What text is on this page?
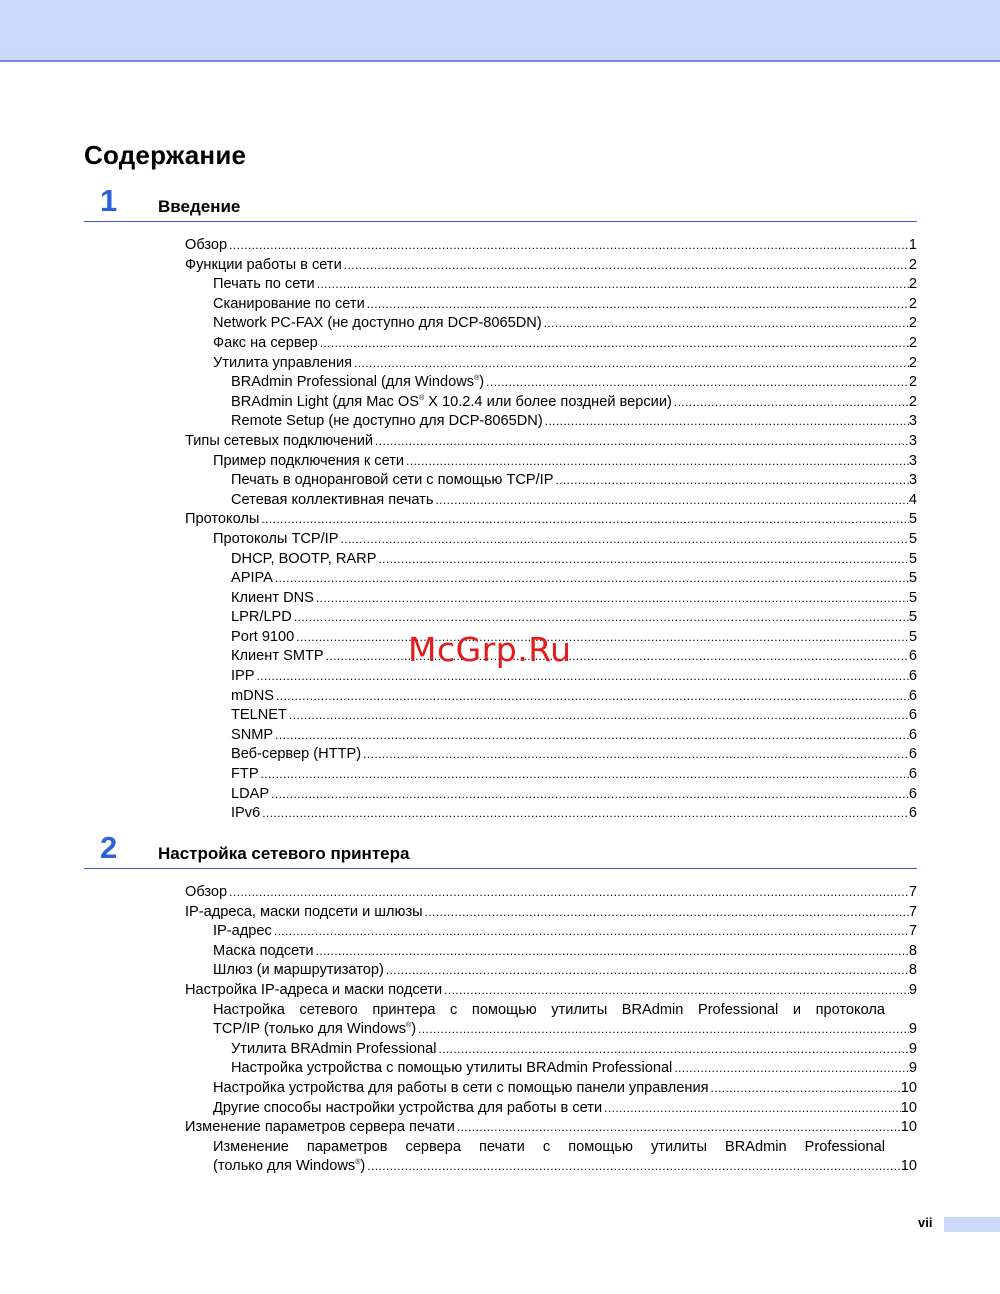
Содержание
1 Введение
Обзор .....	1
Функции работы в сети .....	2
Печать по сети .....	2
Сканирование по сети .....	2
Network PC-FAX (не доступно для DCP-8065DN) .....	2
Факс на сервер .....	2
Утилита управления .....	2
BRAdmin Professional (для Windows®) .....	2
BRAdmin Light (для Mac OS® X 10.2.4 или более поздней версии) .....	2
Remote Setup (не доступно для DCP-8065DN) .....	3
Типы сетевых подключений .....	3
Пример подключения к сети .....	3
Печать в одноранговой сети с помощью TCP/IP .....	3
Сетевая коллективная печать .....	4
Протоколы .....	5
Протоколы TCP/IP .....	5
DHCP, BOOTP, RARP .....	5
APIPA .....	5
Клиент DNS .....	5
LPR/LPD .....	5
Port 9100 .....	5
Клиент SMTP .....	6
IPP .....	6
mDNS .....	6
TELNET .....	6
SNMP .....	6
Веб-сервер (HTTP) .....	6
FTP .....	6
LDAP .....	6
IPv6 .....	6
2 Настройка сетевого принтера
Обзор .....	7
IP-адреса, маски подсети и шлюзы .....	7
IP-адрес .....	7
Маска подсети .....	8
Шлюз (и маршрутизатор) .....	8
Настройка IP-адреса и маски подсети .....	9
Настройка сетевого принтера с помощью утилиты BRAdmin Professional и протокола
TCP/IP (только для Windows®) .....	9
Утилита BRAdmin Professional .....	9
Настройка устройства с помощью утилиты BRAdmin Professional .....	9
Настройка устройства для работы в сети с помощью панели управления .....	10
Другие способы настройки устройства для работы в сети .....	10
Изменение параметров сервера печати .....	10
Изменение параметров сервера печати с помощью утилиты BRAdmin Professional
(только для Windows®) .....	10
McGrp.Ru
vii
